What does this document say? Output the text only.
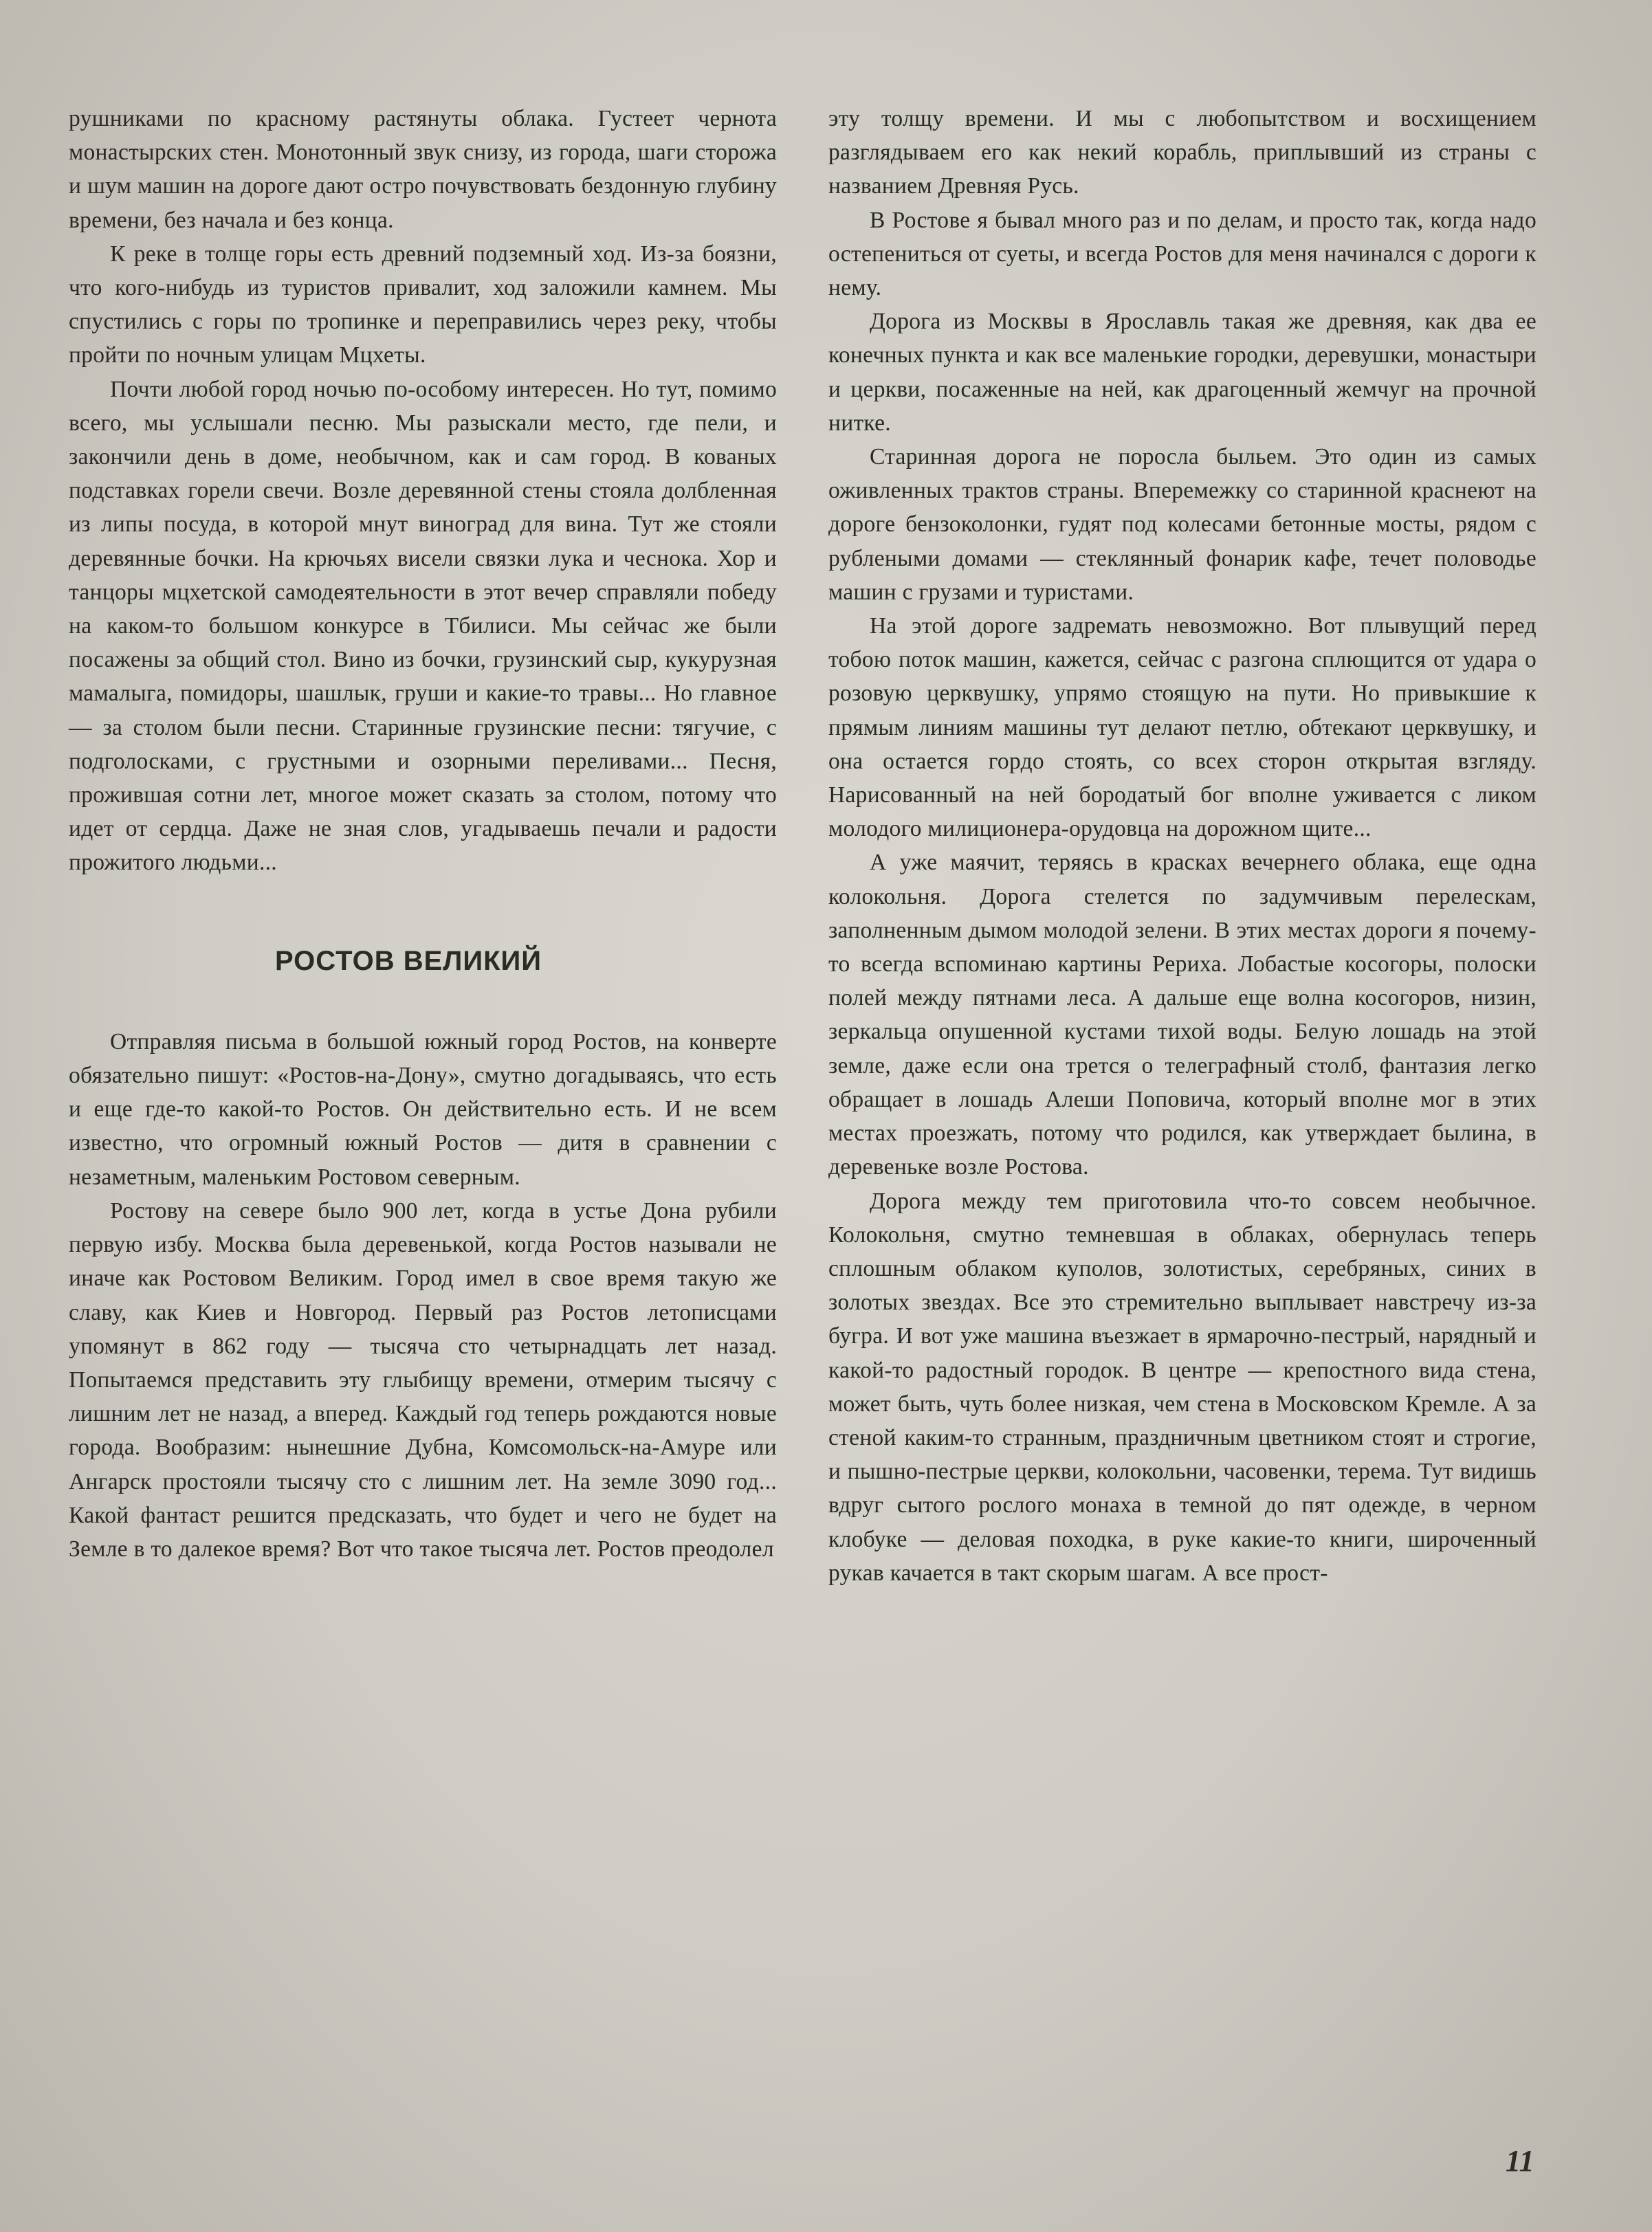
рушниками по красному растянуты облака. Густеет чернота монастырских стен. Монотонный звук снизу, из города, шаги сторожа и шум машин на дороге дают остро почувствовать бездонную глубину времени, без начала и без конца.

К реке в толще горы есть древний подземный ход. Из-за боязни, что кого-нибудь из туристов привалит, ход заложили камнем. Мы спустились с горы по тропинке и переправились через реку, чтобы пройти по ночным улицам Мцхеты.

Почти любой город ночью по-особому интересен. Но тут, помимо всего, мы услышали песню. Мы разыскали место, где пели, и закончили день в доме, необычном, как и сам город. В кованых подставках горели свечи. Возле деревянной стены стояла долбленная из липы посуда, в которой мнут виноград для вина. Тут же стояли деревянные бочки. На крючьях висели связки лука и чеснока. Хор и танцоры мцхетской самодеятельности в этот вечер справляли победу на каком-то большом конкурсе в Тбилиси. Мы сейчас же были посажены за общий стол. Вино из бочки, грузинский сыр, кукурузная мамалыга, помидоры, шашлык, груши и какие-то травы... Но главное — за столом были песни. Старинные грузинские песни: тягучие, с подголосками, с грустными и озорными переливами... Песня, прожившая сотни лет, многое может сказать за столом, потому что идет от сердца. Даже не зная слов, угадываешь печали и радости прожитого людьми...

РОСТОВ ВЕЛИКИЙ

Отправляя письма в большой южный город Ростов, на конверте обязательно пишут: «Ростов-на-Дону», смутно догадываясь, что есть и еще где-то какой-то Ростов. Он действительно есть. И не всем известно, что огромный южный Ростов — дитя в сравнении с незаметным, маленьким Ростовом северным.

Ростову на севере было 900 лет, когда в устье Дона рубили первую избу. Москва была деревенькой, когда Ростов называли не иначе как Ростовом Великим. Город имел в свое время такую же славу, как Киев и Новгород. Первый раз Ростов летописцами упомянут в 862 году — тысяча сто четырнадцать лет назад. Попытаемся представить эту глыбищу времени, отмерим тысячу с лишним лет не назад, а вперед. Каждый год теперь рождаются новые города. Вообразим: нынешние Дубна, Комсомольск-на-Амуре или Ангарск простояли тысячу сто с лишним лет. На земле 3090 год... Какой фантаст решится предсказать, что будет и чего не будет на Земле в то далекое время? Вот что такое тысяча лет. Ростов преодолел

эту толщу времени. И мы с любопытством и восхищением разглядываем его как некий корабль, приплывший из страны с названием Древняя Русь.

В Ростове я бывал много раз и по делам, и просто так, когда надо остепениться от суеты, и всегда Ростов для меня начинался с дороги к нему.

Дорога из Москвы в Ярославль такая же древняя, как два ее конечных пункта и как все маленькие городки, деревушки, монастыри и церкви, посаженные на ней, как драгоценный жемчуг на прочной нитке.

Старинная дорога не поросла быльем. Это один из самых оживленных трактов страны. Вперемежку со старинной краснеют на дороге бензоколонки, гудят под колесами бетонные мосты, рядом с рублеными домами — стеклянный фонарик кафе, течет половодье машин с грузами и туристами.

На этой дороге задремать невозможно. Вот плывущий перед тобою поток машин, кажется, сейчас с разгона сплющится от удара о розовую церквушку, упрямо стоящую на пути. Но привыкшие к прямым линиям машины тут делают петлю, обтекают церквушку, и она остается гордо стоять, со всех сторон открытая взгляду. Нарисованный на ней бородатый бог вполне уживается с ликом молодого милиционера-орудовца на дорожном щите...

А уже маячит, теряясь в красках вечернего облака, еще одна колокольня. Дорога стелется по задумчивым перелескам, заполненным дымом молодой зелени. В этих местах дороги я почему-то всегда вспоминаю картины Рериха. Лобастые косогоры, полоски полей между пятнами леса. А дальше еще волна косогоров, низин, зеркальца опушенной кустами тихой воды. Белую лошадь на этой земле, даже если она трется о телеграфный столб, фантазия легко обращает в лошадь Алеши Поповича, который вполне мог в этих местах проезжать, потому что родился, как утверждает былина, в деревеньке возле Ростова.

Дорога между тем приготовила что-то совсем необычное. Колокольня, смутно темневшая в облаках, обернулась теперь сплошным облаком куполов, золотистых, серебряных, синих в золотых звездах. Все это стремительно выплывает навстречу из-за бугра. И вот уже машина въезжает в ярмарочно-пестрый, нарядный и какой-то радостный городок. В центре — крепостного вида стена, может быть, чуть более низкая, чем стена в Московском Кремле. А за стеной каким-то странным, праздничным цветником стоят и строгие, и пышно-пестрые церкви, колокольни, часовенки, терема. Тут видишь вдруг сытого рослого монаха в темной до пят одежде, в черном клобуке — деловая походка, в руке какие-то книги, широченный рукав качается в такт скорым шагам. А все прост-

11
